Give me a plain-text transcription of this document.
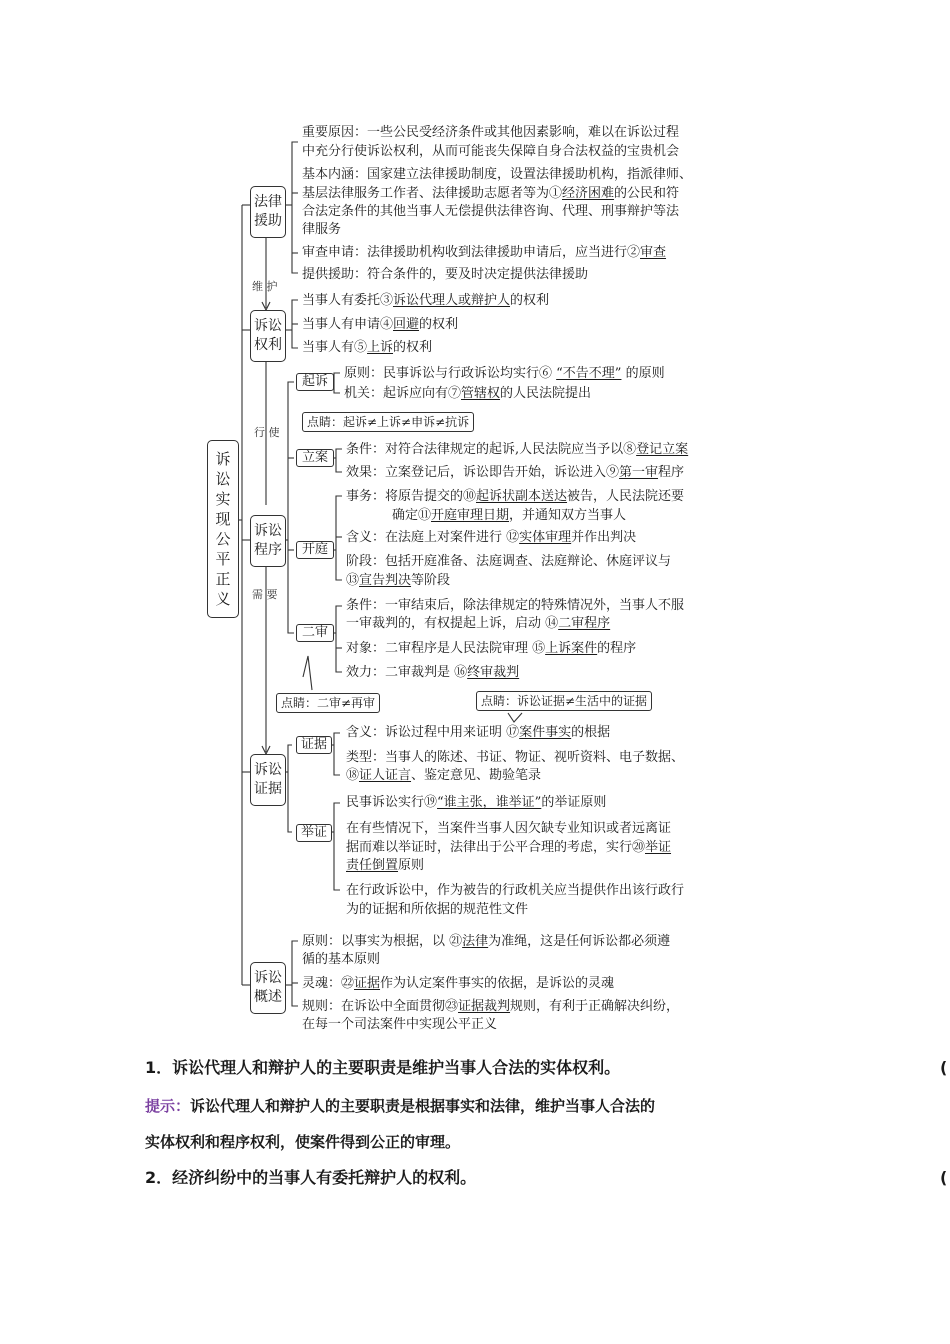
诉讼实现公平正义
法律援助
诉讼权利
诉讼程序
诉讼证据
诉讼概述
维 护
行 使
需 要
重要原因：一些公民受经济条件或其他因素影响，难以在诉讼过程
中充分行使诉讼权利，从而可能丧失保障自身合法权益的宝贵机会
基本内涵：国家建立法律援助制度，设置法律援助机构，指派律师、
基层法律服务工作者、法律援助志愿者等为①经济困难的公民和符
合法定条件的其他当事人无偿提供法律咨询、代理、刑事辩护等法
律服务
审查申请：法律援助机构收到法律援助申请后，应当进行②审查
提供援助：符合条件的，要及时决定提供法律援助
当事人有委托③诉讼代理人或辩护人的权利
当事人有申请④回避的权利
当事人有⑤上诉的权利
起诉
原则：民事诉讼与行政诉讼均实行⑥ “不告不理” 的原则
机关：起诉应向有⑦管辖权的人民法院提出
点睛：起诉≠上诉≠申诉≠抗诉
立案
条件：对符合法律规定的起诉,人民法院应当予以⑧登记立案
效果：立案登记后，诉讼即告开始，诉讼进入⑨第一审程序
开庭
事务：将原告提交的⑩起诉状副本送达被告，人民法院还要
确定⑪开庭审理日期，并通知双方当事人
含义：在法庭上对案件进行 ⑫实体审理并作出判决
阶段：包括开庭准备、法庭调查、法庭辩论、休庭评议与
⑬宣告判决等阶段
二审
条件：一审结束后，除法律规定的特殊情况外，当事人不服
一审裁判的，有权提起上诉，启动 ⑭二审程序
对象：二审程序是人民法院审理 ⑮上诉案件的程序
效力：二审裁判是 ⑯终审裁判
点睛：二审≠再审	点睛：诉讼证据≠生活中的证据
证据
含义：诉讼过程中用来证明 ⑰案件事实的根据
类型：当事人的陈述、书证、物证、视听资料、电子数据、
⑱证人证言、鉴定意见、勘验笔录
举证
民事诉讼实行⑲“谁主张，谁举证”的举证原则
在有些情况下，当案件当事人因欠缺专业知识或者远离证
据而难以举证时，法律出于公平合理的考虑，实行⑳举证
责任倒置原则
在行政诉讼中，作为被告的行政机关应当提供作出该行政行
为的证据和所依据的规范性文件
原则：以事实为根据，以 ㉑法律为准绳，这是任何诉讼都必须遵
循的基本原则
灵魂：㉒证据作为认定案件事实的依据，是诉讼的灵魂
规则：在诉讼中全面贯彻㉓证据裁判规则，有利于正确解决纠纷，
在每一个司法案件中实现公平正义
1．诉讼代理人和辩护人的主要职责是维护当事人合法的实体权利。	(
提示：诉讼代理人和辩护人的主要职责是根据事实和法律，维护当事人合法的
实体权利和程序权利，使案件得到公正的审理。
2．经济纠纷中的当事人有委托辩护人的权利。	(
